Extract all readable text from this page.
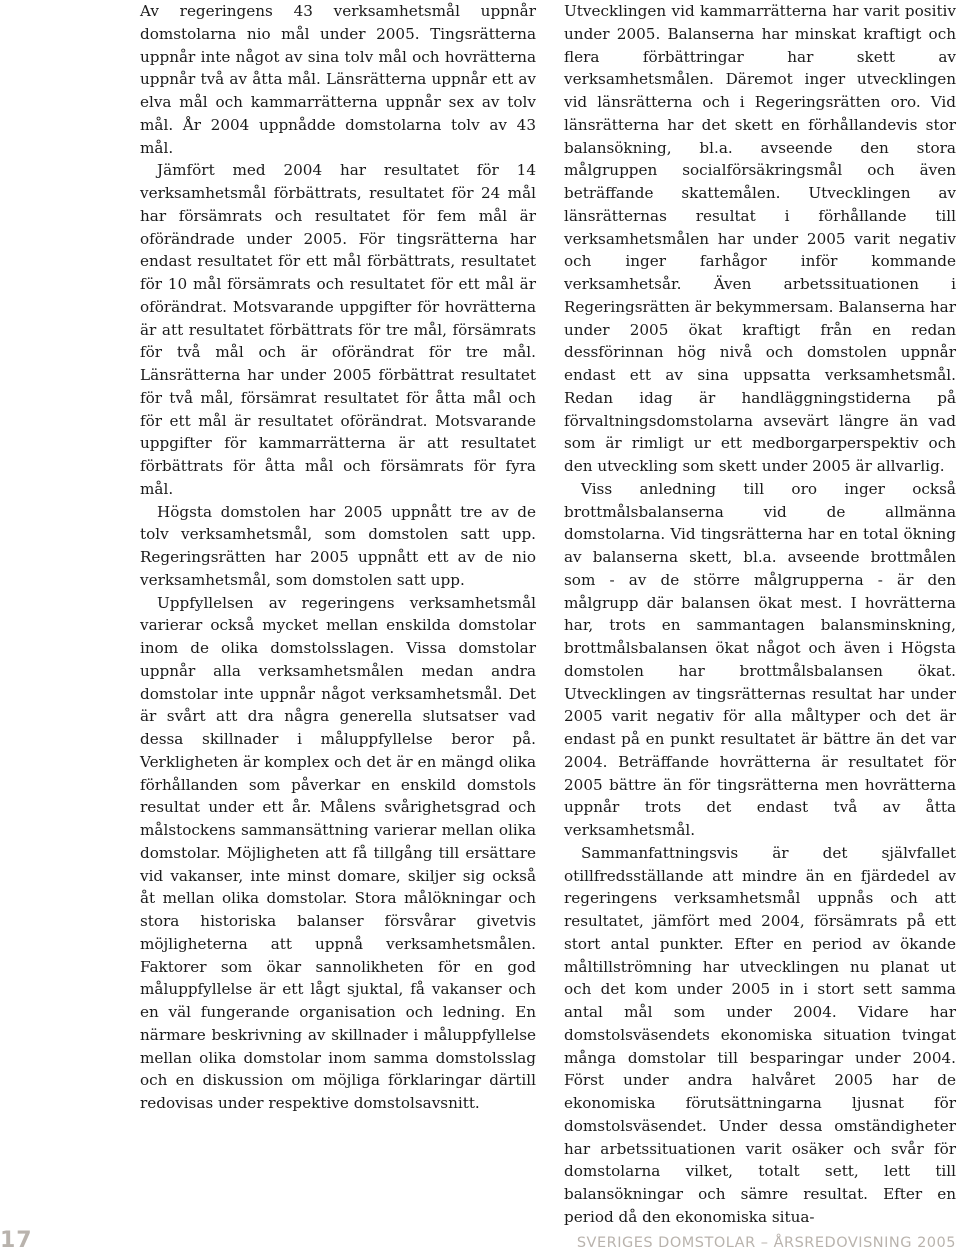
Av regeringens 43 verksamhetsmål uppnår domstolarna nio mål under 2005. Tingsrätterna uppnår inte något av sina tolv mål och hovrätterna uppnår två av åtta mål. Länsrätterna uppnår ett av elva mål och kammarrätterna uppnår sex av tolv mål. År 2004 uppnådde domstolarna tolv av 43 mål.

Jämfört med 2004 har resultatet för 14 verksamhetsmål förbättrats, resultatet för 24 mål har försämrats och resultatet för fem mål är oförändrade under 2005. För tingsrätterna har endast resultatet för ett mål förbättrats, resultatet för 10 mål försämrats och resultatet för ett mål är oförändrat. Motsvarande uppgifter för hovrätterna är att resultatet förbättrats för tre mål, försämrats för två mål och är oförändrat för tre mål. Länsrätterna har under 2005 förbättrat resultatet för två mål, försämrat resultatet för åtta mål och för ett mål är resultatet oförändrat. Motsvarande uppgifter för kammarrätterna är att resultatet förbättrats för åtta mål och försämrats för fyra mål.

Högsta domstolen har 2005 uppnått tre av de tolv verksamhetsmål, som domstolen satt upp. Regeringsrätten har 2005 uppnått ett av de nio verksamhetsmål, som domstolen satt upp.

Uppfyllelsen av regeringens verksamhetsmål varierar också mycket mellan enskilda domstolar inom de olika domstolsslagen. Vissa domstolar uppnår alla verksamhetsmålen medan andra domstolar inte uppnår något verksamhetsmål. Det är svårt att dra några generella slutsatser vad dessa skillnader i måluppfyllelse beror på. Verkligheten är komplex och det är en mängd olika förhållanden som påverkar en enskild domstols resultat under ett år. Målens svårighetsgrad och målstockens sammansättning varierar mellan olika domstolar. Möjligheten att få tillgång till ersättare vid vakanser, inte minst domare, skiljer sig också åt mellan olika domstolar. Stora målökningar och stora historiska balanser försvårar givetvis möjligheterna att uppnå verksamhetsmålen. Faktorer som ökar sannolikheten för en god måluppfyllelse är ett lågt sjuktal, få vakanser och en väl fungerande organisation och ledning. En närmare beskrivning av skillnader i måluppfyllelse mellan olika domstolar inom samma domstolsslag och en diskussion om möjliga förklaringar därtill redovisas under respektive domstolsavsnitt.

Utvecklingen vid kammarrätterna har varit positiv under 2005. Balanserna har minskat kraftigt och flera förbättringar har skett av verksamhetsmålen. Däremot inger utvecklingen vid länsrätterna och i Regeringsrätten oro. Vid länsrätterna har det skett en förhållandevis stor balansökning, bl.a. avseende den stora målgruppen socialförsäkringsmål och även beträffande skattemålen. Utvecklingen av länsrätternas resultat i förhållande till verksamhetsmålen har under 2005 varit negativ och inger farhågor inför kommande verksamhetsår. Även arbetssituationen i Regeringsrätten är bekymmersam. Balanserna har under 2005 ökat kraftigt från en redan dessförinnan hög nivå och domstolen uppnår endast ett av sina uppsatta verksamhetsmål. Redan idag är handläggningstiderna på förvaltningsdomstolarna avsevärt längre än vad som är rimligt ur ett medborgarperspektiv och den utveckling som skett under 2005 är allvarlig.

Viss anledning till oro inger också brottmålsbalanserna vid de allmänna domstolarna. Vid tingsrätterna har en total ökning av balanserna skett, bl.a. avseende brottmålen som - av de större målgrupperna - är den målgrupp där balansen ökat mest. I hovrätterna har, trots en sammantagen balansminskning, brottmålsbalansen ökat något och även i Högsta domstolen har brottmålsbalansen ökat. Utvecklingen av tingsrätternas resultat har under 2005 varit negativ för alla måltyper och det är endast på en punkt resultatet är bättre än det var 2004. Beträffande hovrätterna är resultatet för 2005 bättre än för tingsrätterna men hovrätterna uppnår trots det endast två av åtta verksamhetsmål.

Sammanfattningsvis är det självfallet otillfredsställande att mindre än en fjärdedel av regeringens verksamhetsmål uppnås och att resultatet, jämfört med 2004, försämrats på ett stort antal punkter. Efter en period av ökande måltillströmning har utvecklingen nu planat ut och det kom under 2005 in i stort sett samma antal mål som under 2004. Vidare har domstolsväsendets ekonomiska situation tvingat många domstolar till besparingar under 2004. Först under andra halvåret 2005 har de ekonomiska förutsättningarna ljusnat för domstolsväsendet. Under dessa omständigheter har arbetssituationen varit osäker och svår för domstolarna vilket, totalt sett, lett till balansökningar och sämre resultat. Efter en period då den ekonomiska situa-

17	SVERIGES DOMSTOLAR – ÅRSREDOVISNING 2005
